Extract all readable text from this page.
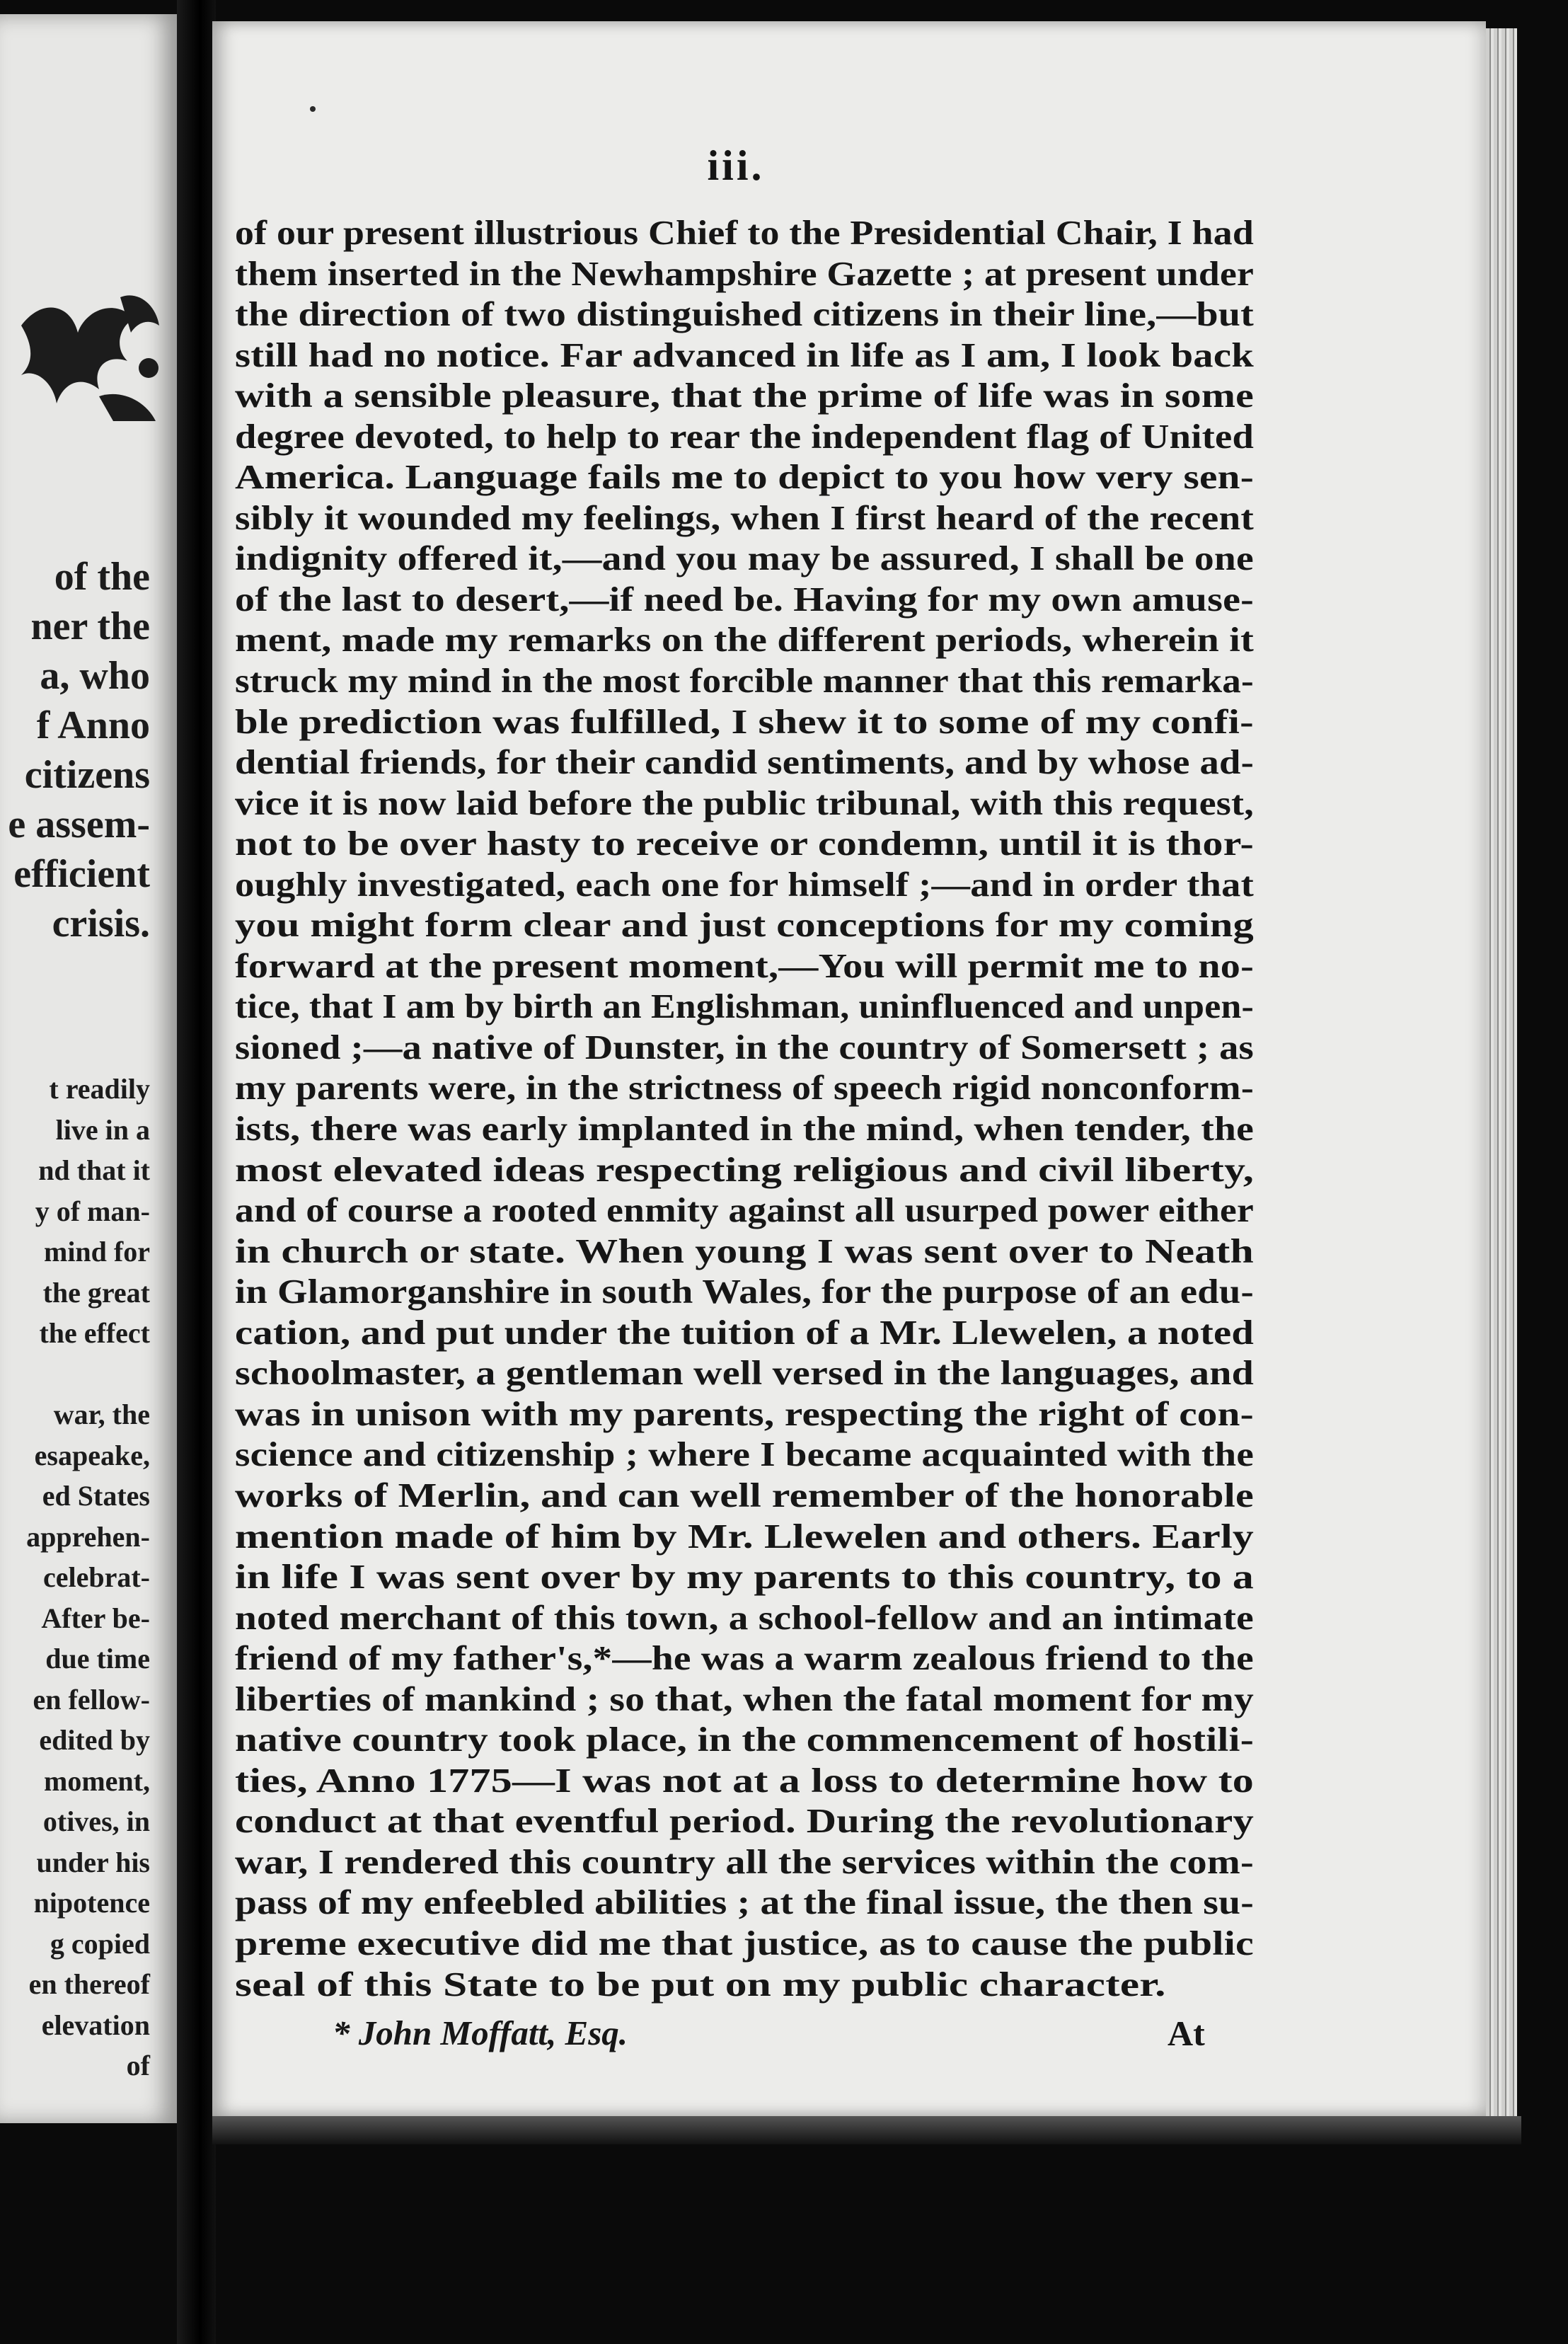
of the
ner the
a, who
f Anno
citizens
e assem-
efficient
crisis.
t readily
live in a
nd that it
y of man-
mind for
the great
the effect

war, the
esapeake,
ed States
apprehen-
celebrat-
After be-
due time
en fellow-
edited by
moment,
otives, in
under his
nipotence
g copied
en thereof
elevation
of
iii.
of our present illustrious Chief to the Presidential Chair, I had
them inserted in the Newhampshire Gazette ; at present under
the direction of two distinguished citizens in their line,—but
still had no notice. Far advanced in life as I am, I look back
with a sensible pleasure, that the prime of life was in some
degree devoted, to help to rear the independent flag of United
America. Language fails me to depict to you how very sen-
sibly it wounded my feelings, when I first heard of the recent
indignity offered it,—and you may be assured, I shall be one
of the last to desert,—if need be. Having for my own amuse-
ment, made my remarks on the different periods, wherein it
struck my mind in the most forcible manner that this remarka-
ble prediction was fulfilled, I shew it to some of my confi-
dential friends, for their candid sentiments, and by whose ad-
vice it is now laid before the public tribunal, with this request,
not to be over hasty to receive or condemn, until it is thor-
oughly investigated, each one for himself ;—and in order that
you might form clear and just conceptions for my coming
forward at the present moment,—You will permit me to no-
tice, that I am by birth an Englishman, uninfluenced and unpen-
sioned ;—a native of Dunster, in the country of Somersett ; as
my parents were, in the strictness of speech rigid nonconform-
ists, there was early implanted in the mind, when tender, the
most elevated ideas respecting religious and civil liberty,
and of course a rooted enmity against all usurped power either
in church or state. When young I was sent over to Neath
in Glamorganshire in south Wales, for the purpose of an edu-
cation, and put under the tuition of a Mr. Llewelen, a noted
schoolmaster, a gentleman well versed in the languages, and
was in unison with my parents, respecting the right of con-
science and citizenship ; where I became acquainted with the
works of Merlin, and can well remember of the honorable
mention made of him by Mr. Llewelen and others. Early
in life I was sent over by my parents to this country, to a
noted merchant of this town, a school-fellow and an intimate
friend of my father's,*—he was a warm zealous friend to the
liberties of mankind ; so that, when the fatal moment for my
native country took place, in the commencement of hostili-
ties, Anno 1775—I was not at a loss to determine how to
conduct at that eventful period. During the revolutionary
war, I rendered this country all the services within the com-
pass of my enfeebled abilities ; at the final issue, the then su-
preme executive did me that justice, as to cause the public
seal of this State to be put on my public character.
* John Moffatt, Esq.	At
